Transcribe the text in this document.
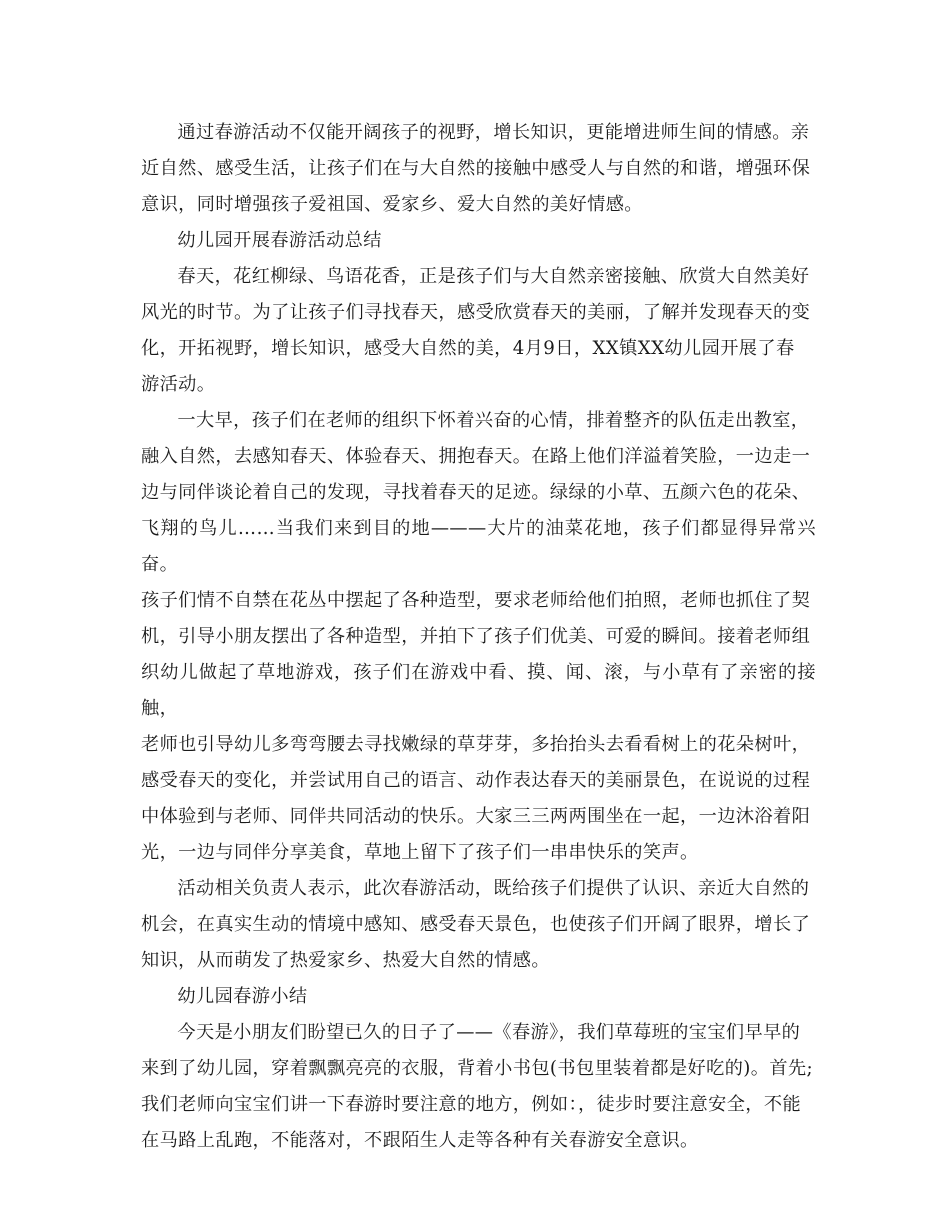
通过春游活动不仅能开阔孩子的视野，增长知识，更能增进师生间的情感。亲
近自然、感受生活，让孩子们在与大自然的接触中感受人与自然的和谐，增强环保
意识，同时增强孩子爱祖国、爱家乡、爱大自然的美好情感。
幼儿园开展春游活动总结
春天，花红柳绿、鸟语花香，正是孩子们与大自然亲密接触、欣赏大自然美好
风光的时节。为了让孩子们寻找春天，感受欣赏春天的美丽，了解并发现春天的变
化，开拓视野，增长知识，感受大自然的美，4月9日，XX镇XX幼儿园开展了春
游活动。
一大早，孩子们在老师的组织下怀着兴奋的心情，排着整齐的队伍走出教室，
融入自然，去感知春天、体验春天、拥抱春天。在路上他们洋溢着笑脸，一边走一
边与同伴谈论着自己的发现，寻找着春天的足迹。绿绿的小草、五颜六色的花朵、
飞翔的鸟儿……当我们来到目的地———大片的油菜花地，孩子们都显得异常兴奋。
孩子们情不自禁在花丛中摆起了各种造型，要求老师给他们拍照，老师也抓住了契
机，引导小朋友摆出了各种造型，并拍下了孩子们优美、可爱的瞬间。接着老师组
织幼儿做起了草地游戏，孩子们在游戏中看、摸、闻、滚，与小草有了亲密的接触，
老师也引导幼儿多弯弯腰去寻找嫩绿的草芽芽，多抬抬头去看看树上的花朵树叶，
感受春天的变化，并尝试用自己的语言、动作表达春天的美丽景色，在说说的过程
中体验到与老师、同伴共同活动的快乐。大家三三两两围坐在一起，一边沐浴着阳
光，一边与同伴分享美食，草地上留下了孩子们一串串快乐的笑声。
活动相关负责人表示，此次春游活动，既给孩子们提供了认识、亲近大自然的
机会，在真实生动的情境中感知、感受春天景色，也使孩子们开阔了眼界，增长了
知识，从而萌发了热爱家乡、热爱大自然的情感。
幼儿园春游小结
今天是小朋友们盼望已久的日子了——《春游》，我们草莓班的宝宝们早早的
来到了幼儿园，穿着飘飘亮亮的衣服，背着小书包(书包里装着都是好吃的)。首先;
我们老师向宝宝们讲一下春游时要注意的地方，例如：，徒步时要注意安全，不能
在马路上乱跑，不能落对，不跟陌生人走等各种有关春游安全意识。
